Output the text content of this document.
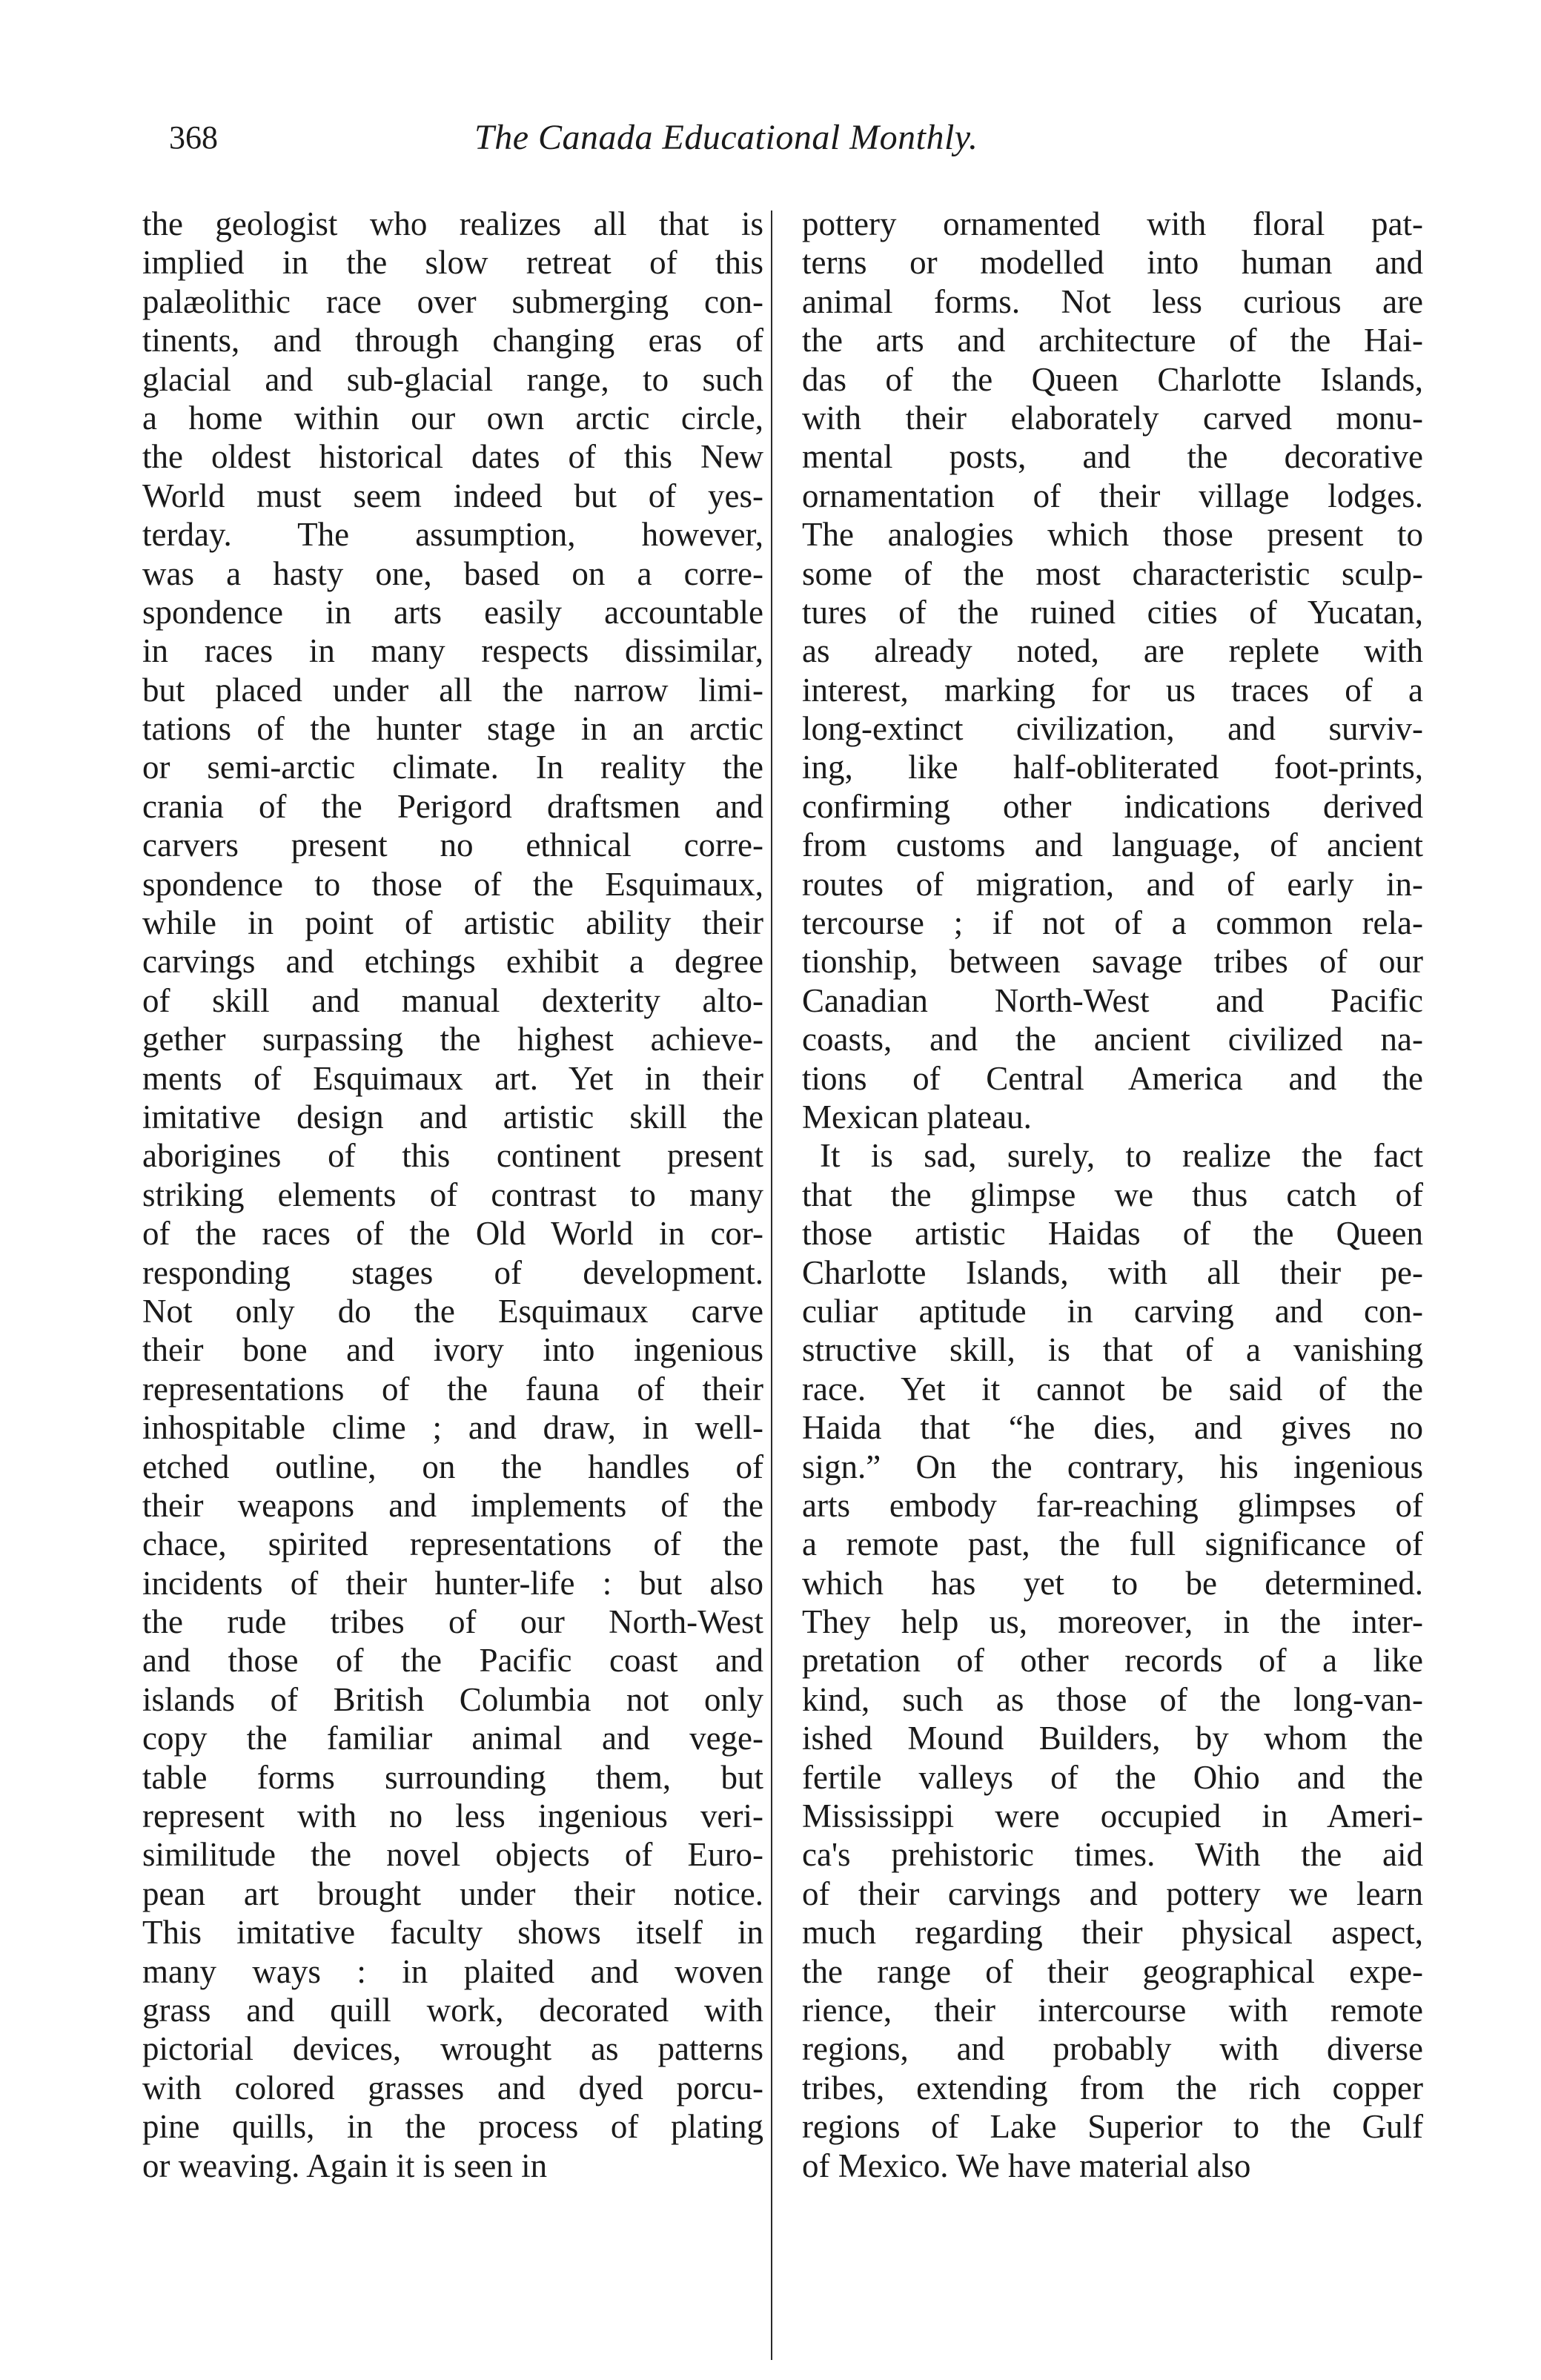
368	The Canada Educational Monthly.
the geologist who realizes all that is
implied in the slow retreat of this
palæolithic race over submerging con-
tinents, and through changing eras of
glacial and sub-glacial range, to such
a home within our own arctic circle,
the oldest historical dates of this New
World must seem indeed but of yes-
terday. The assumption, however,
was a hasty one, based on a corre-
spondence in arts easily accountable
in races in many respects dissimilar,
but placed under all the narrow limi-
tations of the hunter stage in an arctic
or semi-arctic climate. In reality the
crania of the Perigord draftsmen and
carvers present no ethnical corre-
spondence to those of the Esquimaux,
while in point of artistic ability their
carvings and etchings exhibit a degree
of skill and manual dexterity alto-
gether surpassing the highest achieve-
ments of Esquimaux art. Yet in their
imitative design and artistic skill the
aborigines of this continent present
striking elements of contrast to many
of the races of the Old World in cor-
responding stages of development.
Not only do the Esquimaux carve
their bone and ivory into ingenious
representations of the fauna of their
inhospitable clime ; and draw, in well-
etched outline, on the handles of
their weapons and implements of the
chace, spirited representations of the
incidents of their hunter-life : but also
the rude tribes of our North-West
and those of the Pacific coast and
islands of British Columbia not only
copy the familiar animal and vege-
table forms surrounding them, but
represent with no less ingenious veri-
similitude the novel objects of Euro-
pean art brought under their notice.
This imitative faculty shows itself in
many ways : in plaited and woven
grass and quill work, decorated with
pictorial devices, wrought as patterns
with colored grasses and dyed porcu-
pine quills, in the process of plating
or weaving. Again it is seen in
pottery ornamented with floral pat-
terns or modelled into human and
animal forms. Not less curious are
the arts and architecture of the Hai-
das of the Queen Charlotte Islands,
with their elaborately carved monu-
mental posts, and the decorative
ornamentation of their village lodges.
The analogies which those present to
some of the most characteristic sculp-
tures of the ruined cities of Yucatan,
as already noted, are replete with
interest, marking for us traces of a
long-extinct civilization, and surviv-
ing, like half-obliterated foot-prints,
confirming other indications derived
from customs and language, of ancient
routes of migration, and of early in-
tercourse ; if not of a common rela-
tionship, between savage tribes of our
Canadian North-West and Pacific
coasts, and the ancient civilized na-
tions of Central America and the
Mexican plateau.
It is sad, surely, to realize the fact
that the glimpse we thus catch of
those artistic Haidas of the Queen
Charlotte Islands, with all their pe-
culiar aptitude in carving and con-
structive skill, is that of a vanishing
race. Yet it cannot be said of the
Haida that “he dies, and gives no
sign.” On the contrary, his ingenious
arts embody far-reaching glimpses of
a remote past, the full significance of
which has yet to be determined.
They help us, moreover, in the inter-
pretation of other records of a like
kind, such as those of the long-van-
ished Mound Builders, by whom the
fertile valleys of the Ohio and the
Mississippi were occupied in Ameri-
ca's prehistoric times. With the aid
of their carvings and pottery we learn
much regarding their physical aspect,
the range of their geographical expe-
rience, their intercourse with remote
regions, and probably with diverse
tribes, extending from the rich copper
regions of Lake Superior to the Gulf
of Mexico. We have material also
